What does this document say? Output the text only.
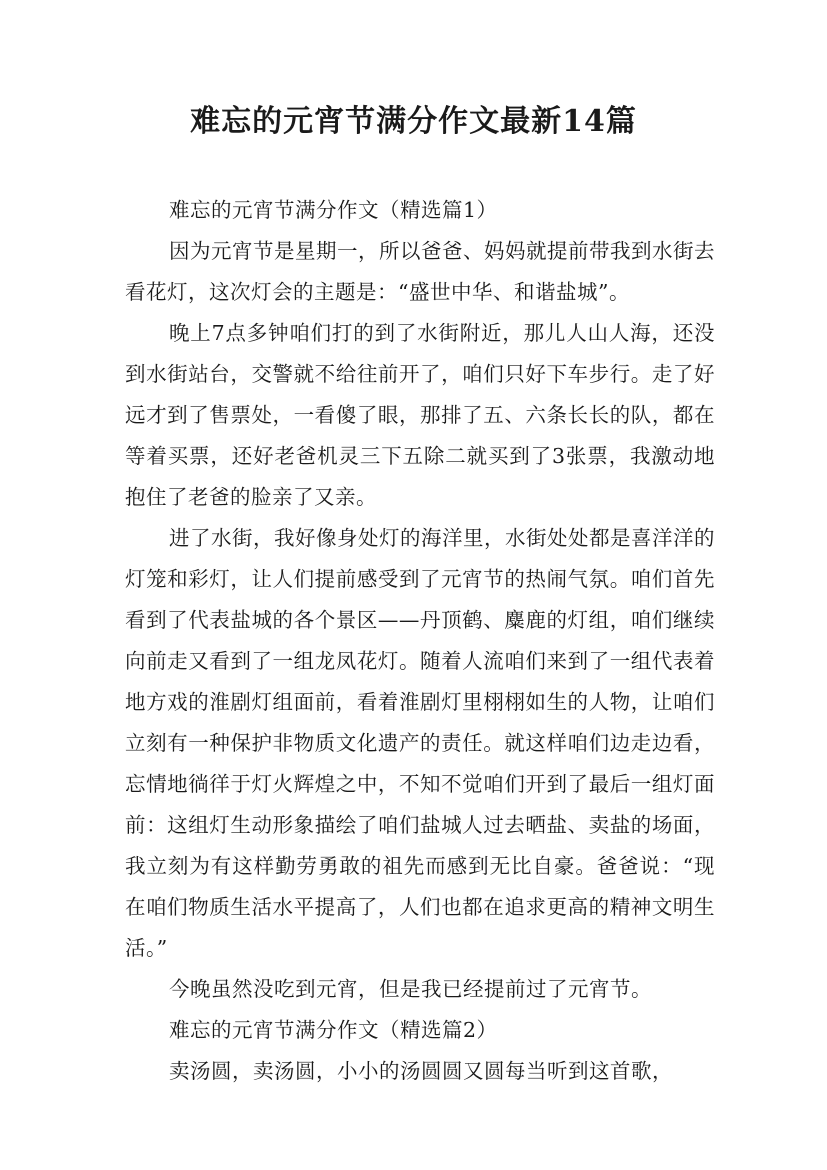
难忘的元宵节满分作文最新14篇

难忘的元宵节满分作文（精选篇1）

因为元宵节是星期一，所以爸爸、妈妈就提前带我到水街去看花灯，这次灯会的主题是：“盛世中华、和谐盐城”。

晚上7点多钟咱们打的到了水街附近，那儿人山人海，还没到水街站台，交警就不给往前开了，咱们只好下车步行。走了好远才到了售票处，一看傻了眼，那排了五、六条长长的队，都在等着买票，还好老爸机灵三下五除二就买到了3张票，我激动地抱住了老爸的脸亲了又亲。

进了水街，我好像身处灯的海洋里，水街处处都是喜洋洋的灯笼和彩灯，让人们提前感受到了元宵节的热闹气氛。咱们首先看到了代表盐城的各个景区——丹顶鹤、麋鹿的灯组，咱们继续向前走又看到了一组龙凤花灯。随着人流咱们来到了一组代表着地方戏的淮剧灯组面前，看着淮剧灯里栩栩如生的人物，让咱们立刻有一种保护非物质文化遗产的责任。就这样咱们边走边看，忘情地徜徉于灯火辉煌之中，不知不觉咱们开到了最后一组灯面前：这组灯生动形象描绘了咱们盐城人过去晒盐、卖盐的场面，我立刻为有这样勤劳勇敢的祖先而感到无比自豪。爸爸说：“现在咱们物质生活水平提高了，人们也都在追求更高的精神文明生活。”

今晚虽然没吃到元宵，但是我已经提前过了元宵节。

难忘的元宵节满分作文（精选篇2）

卖汤圆，卖汤圆，小小的汤圆圆又圆每当听到这首歌，
